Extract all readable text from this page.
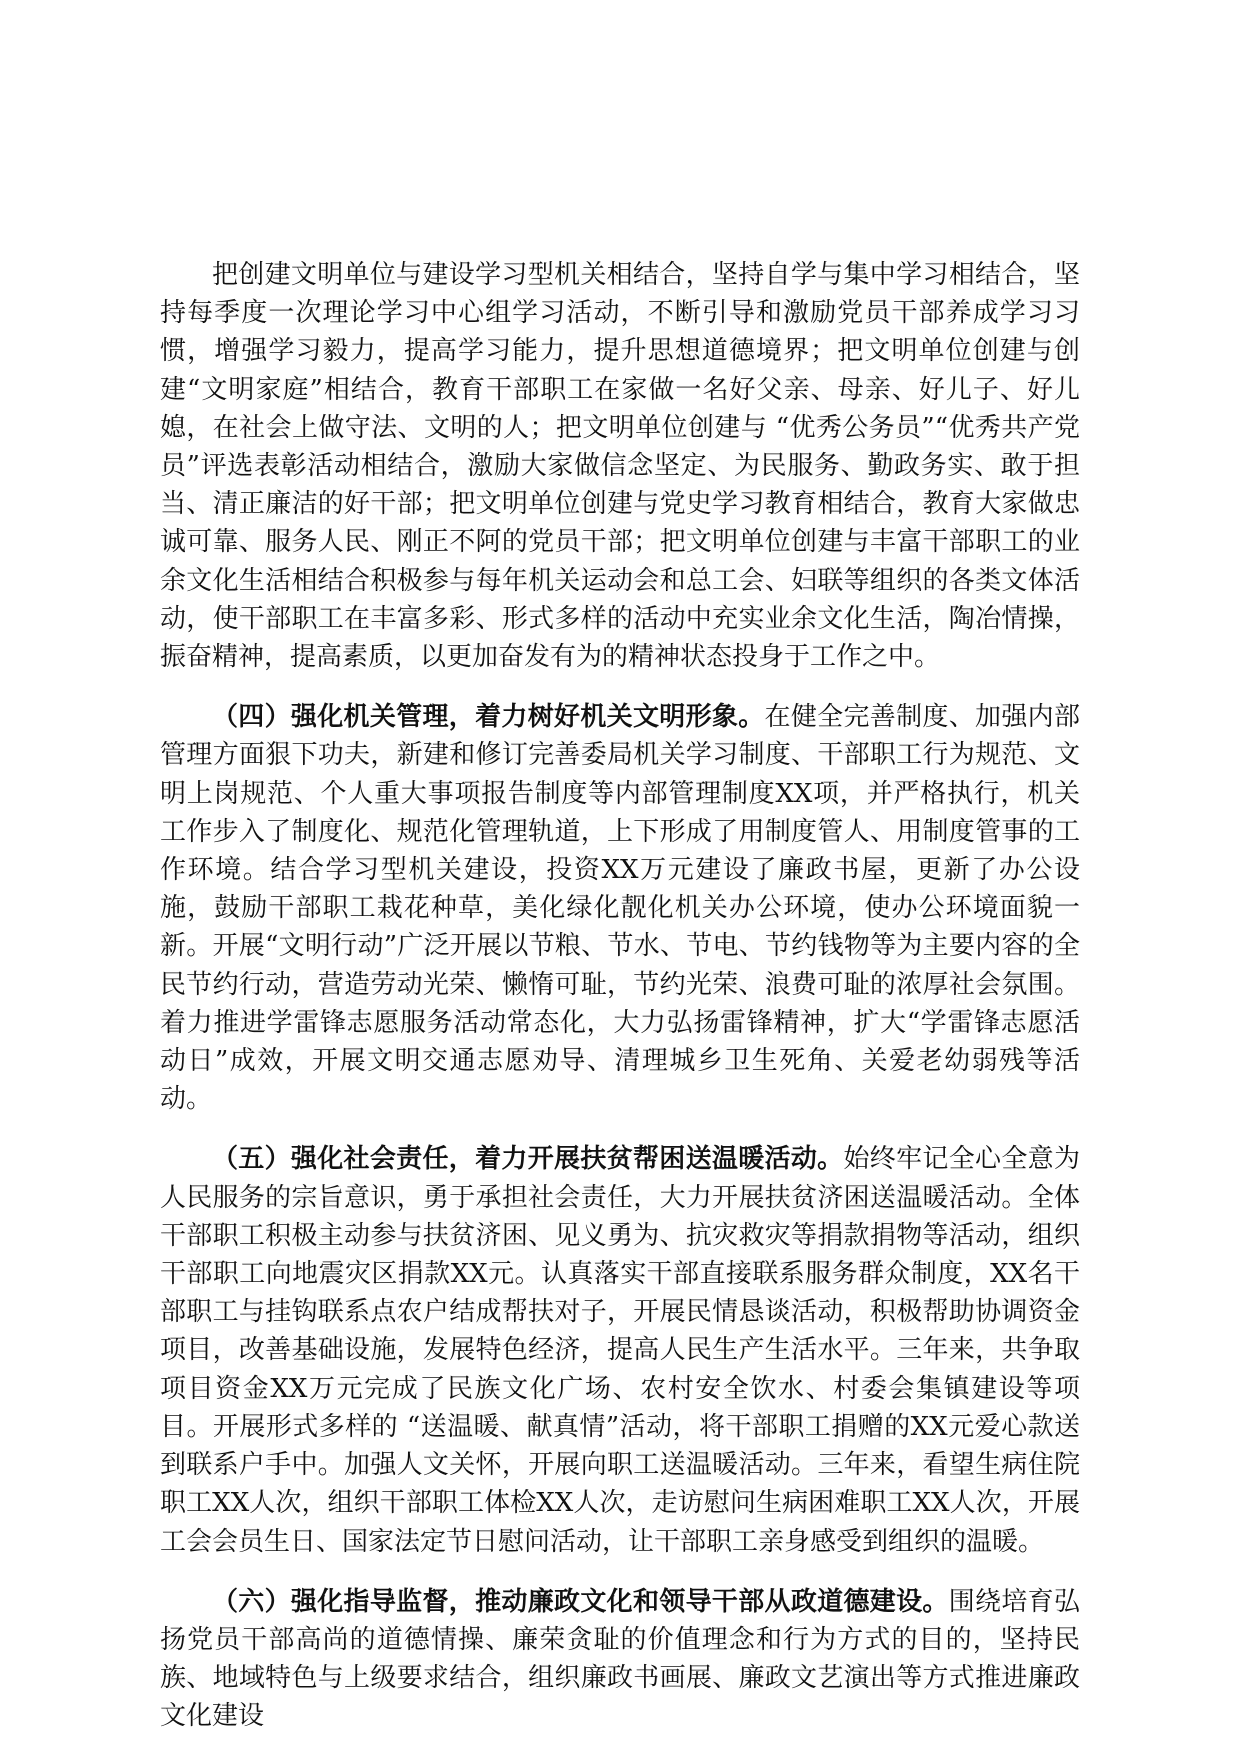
把创建文明单位与建设学习型机关相结合，坚持自学与集中学习相结合，坚持每季度一次理论学习中心组学习活动，不断引导和激励党员干部养成学习习惯，增强学习毅力，提高学习能力，提升思想道德境界；把文明单位创建与创建“文明家庭”相结合，教育干部职工在家做一名好父亲、母亲、好儿子、好儿媳，在社会上做守法、文明的人；把文明单位创建与 “优秀公务员”“优秀共产党员”评选表彰活动相结合，激励大家做信念坚定、为民服务、勤政务实、敢于担当、清正廉洁的好干部；把文明单位创建与党史学习教育相结合，教育大家做忠诚可靠、服务人民、刚正不阿的党员干部；把文明单位创建与丰富干部职工的业余文化生活相结合积极参与每年机关运动会和总工会、妇联等组织的各类文体活动，使干部职工在丰富多彩、形式多样的活动中充实业余文化生活，陶冶情操，振奋精神，提高素质，以更加奋发有为的精神状态投身于工作之中。

（四）强化机关管理，着力树好机关文明形象。在健全完善制度、加强内部管理方面狠下功夫，新建和修订完善委局机关学习制度、干部职工行为规范、文明上岗规范、个人重大事项报告制度等内部管理制度XX项，并严格执行，机关工作步入了制度化、规范化管理轨道，上下形成了用制度管人、用制度管事的工作环境。结合学习型机关建设，投资XX万元建设了廉政书屋，更新了办公设施，鼓励干部职工栽花种草，美化绿化靓化机关办公环境，使办公环境面貌一新。开展“文明行动”广泛开展以节粮、节水、节电、节约钱物等为主要内容的全民节约行动，营造劳动光荣、懒惰可耻，节约光荣、浪费可耻的浓厚社会氛围。着力推进学雷锋志愿服务活动常态化，大力弘扬雷锋精神，扩大“学雷锋志愿活动日”成效，开展文明交通志愿劝导、清理城乡卫生死角、关爱老幼弱残等活动。

（五）强化社会责任，着力开展扶贫帮困送温暖活动。始终牢记全心全意为人民服务的宗旨意识，勇于承担社会责任，大力开展扶贫济困送温暖活动。全体干部职工积极主动参与扶贫济困、见义勇为、抗灾救灾等捐款捐物等活动，组织干部职工向地震灾区捐款XX元。认真落实干部直接联系服务群众制度，XX名干部职工与挂钩联系点农户结成帮扶对子，开展民情恳谈活动，积极帮助协调资金项目，改善基础设施，发展特色经济，提高人民生产生活水平。三年来，共争取项目资金XX万元完成了民族文化广场、农村安全饮水、村委会集镇建设等项目。开展形式多样的 “送温暖、献真情”活动，将干部职工捐赠的XX元爱心款送到联系户手中。加强人文关怀，开展向职工送温暖活动。三年来，看望生病住院职工XX人次，组织干部职工体检XX人次，走访慰问生病困难职工XX人次，开展工会会员生日、国家法定节日慰问活动，让干部职工亲身感受到组织的温暖。

（六）强化指导监督，推动廉政文化和领导干部从政道德建设。围绕培育弘扬党员干部高尚的道德情操、廉荣贪耻的价值理念和行为方式的目的，坚持民族、地域特色与上级要求结合，组织廉政书画展、廉政文艺演出等方式推进廉政文化建设
